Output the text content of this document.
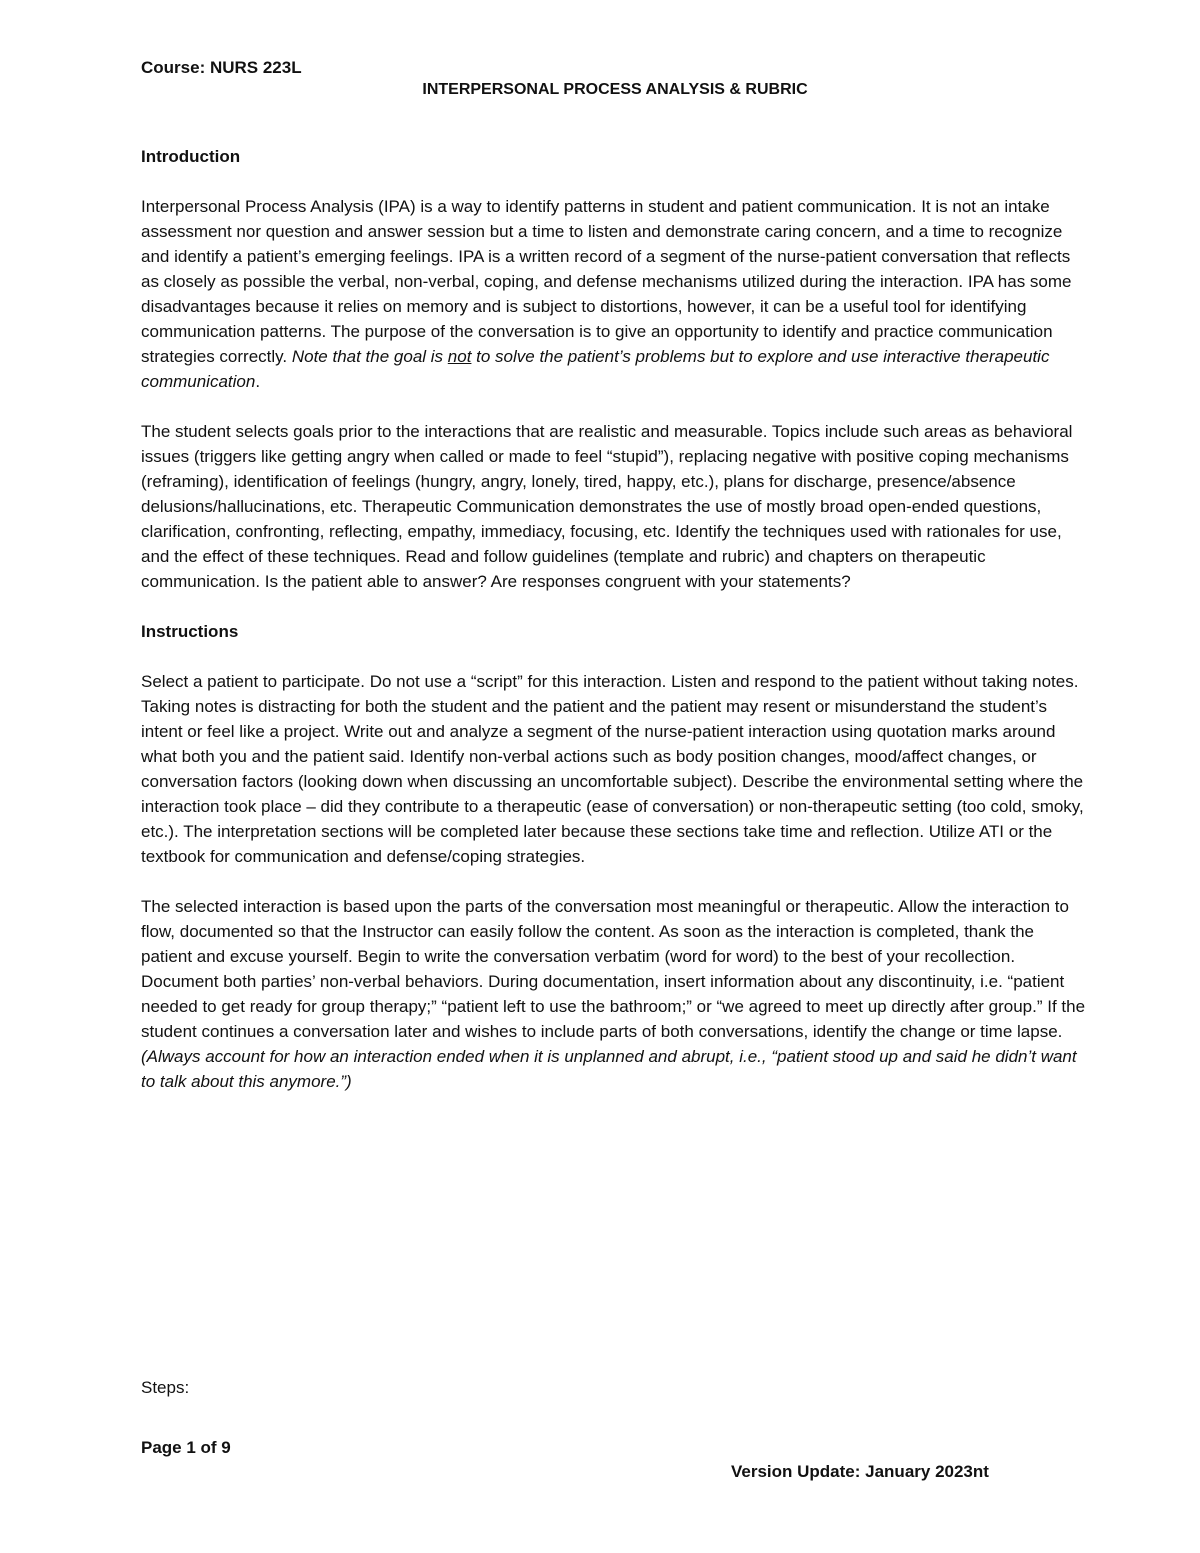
Course: NURS 223L
INTERPERSONAL PROCESS ANALYSIS & RUBRIC
Introduction

Interpersonal Process Analysis (IPA) is a way to identify patterns in student and patient communication. It is not an intake assessment nor question and answer session but a time to listen and demonstrate caring concern, and a time to recognize and identify a patient’s emerging feelings. IPA is a written record of a segment of the nurse-patient conversation that reflects as closely as possible the verbal, non-verbal, coping, and defense mechanisms utilized during the interaction. IPA has some disadvantages because it relies on memory and is subject to distortions, however, it can be a useful tool for identifying communication patterns. The purpose of the conversation is to give an opportunity to identify and practice communication strategies correctly. Note that the goal is not to solve the patient’s problems but to explore and use interactive therapeutic communication.

The student selects goals prior to the interactions that are realistic and measurable. Topics include such areas as behavioral issues (triggers like getting angry when called or made to feel “stupid”), replacing negative with positive coping mechanisms (reframing), identification of feelings (hungry, angry, lonely, tired, happy, etc.), plans for discharge, presence/absence delusions/hallucinations, etc. Therapeutic Communication demonstrates the use of mostly broad open-ended questions, clarification, confronting, reflecting, empathy, immediacy, focusing, etc. Identify the techniques used with rationales for use, and the effect of these techniques. Read and follow guidelines (template and rubric) and chapters on therapeutic communication. Is the patient able to answer? Are responses congruent with your statements?

Instructions

Select a patient to participate. Do not use a “script” for this interaction. Listen and respond to the patient without taking notes. Taking notes is distracting for both the student and the patient and the patient may resent or misunderstand the student’s intent or feel like a project. Write out and analyze a segment of the nurse-patient interaction using quotation marks around what both you and the patient said. Identify non-verbal actions such as body position changes, mood/affect changes, or conversation factors (looking down when discussing an uncomfortable subject). Describe the environmental setting where the interaction took place – did they contribute to a therapeutic (ease of conversation) or non-therapeutic setting (too cold, smoky, etc.). The interpretation sections will be completed later because these sections take time and reflection. Utilize ATI or the textbook for communication and defense/coping strategies.

The selected interaction is based upon the parts of the conversation most meaningful or therapeutic. Allow the interaction to flow, documented so that the Instructor can easily follow the content. As soon as the interaction is completed, thank the patient and excuse yourself. Begin to write the conversation verbatim (word for word) to the best of your recollection. Document both parties’ non-verbal behaviors. During documentation, insert information about any discontinuity, i.e. “patient needed to get ready for group therapy;” “patient left to use the bathroom;” or “we agreed to meet up directly after group.” If the student continues a conversation later and wishes to include parts of both conversations, identify the change or time lapse. (Always account for how an interaction ended when it is unplanned and abrupt, i.e., “patient stood up and said he didn’t want to talk about this anymore.”)

Steps:
Page 1 of 9
Version Update: January 2023nt
